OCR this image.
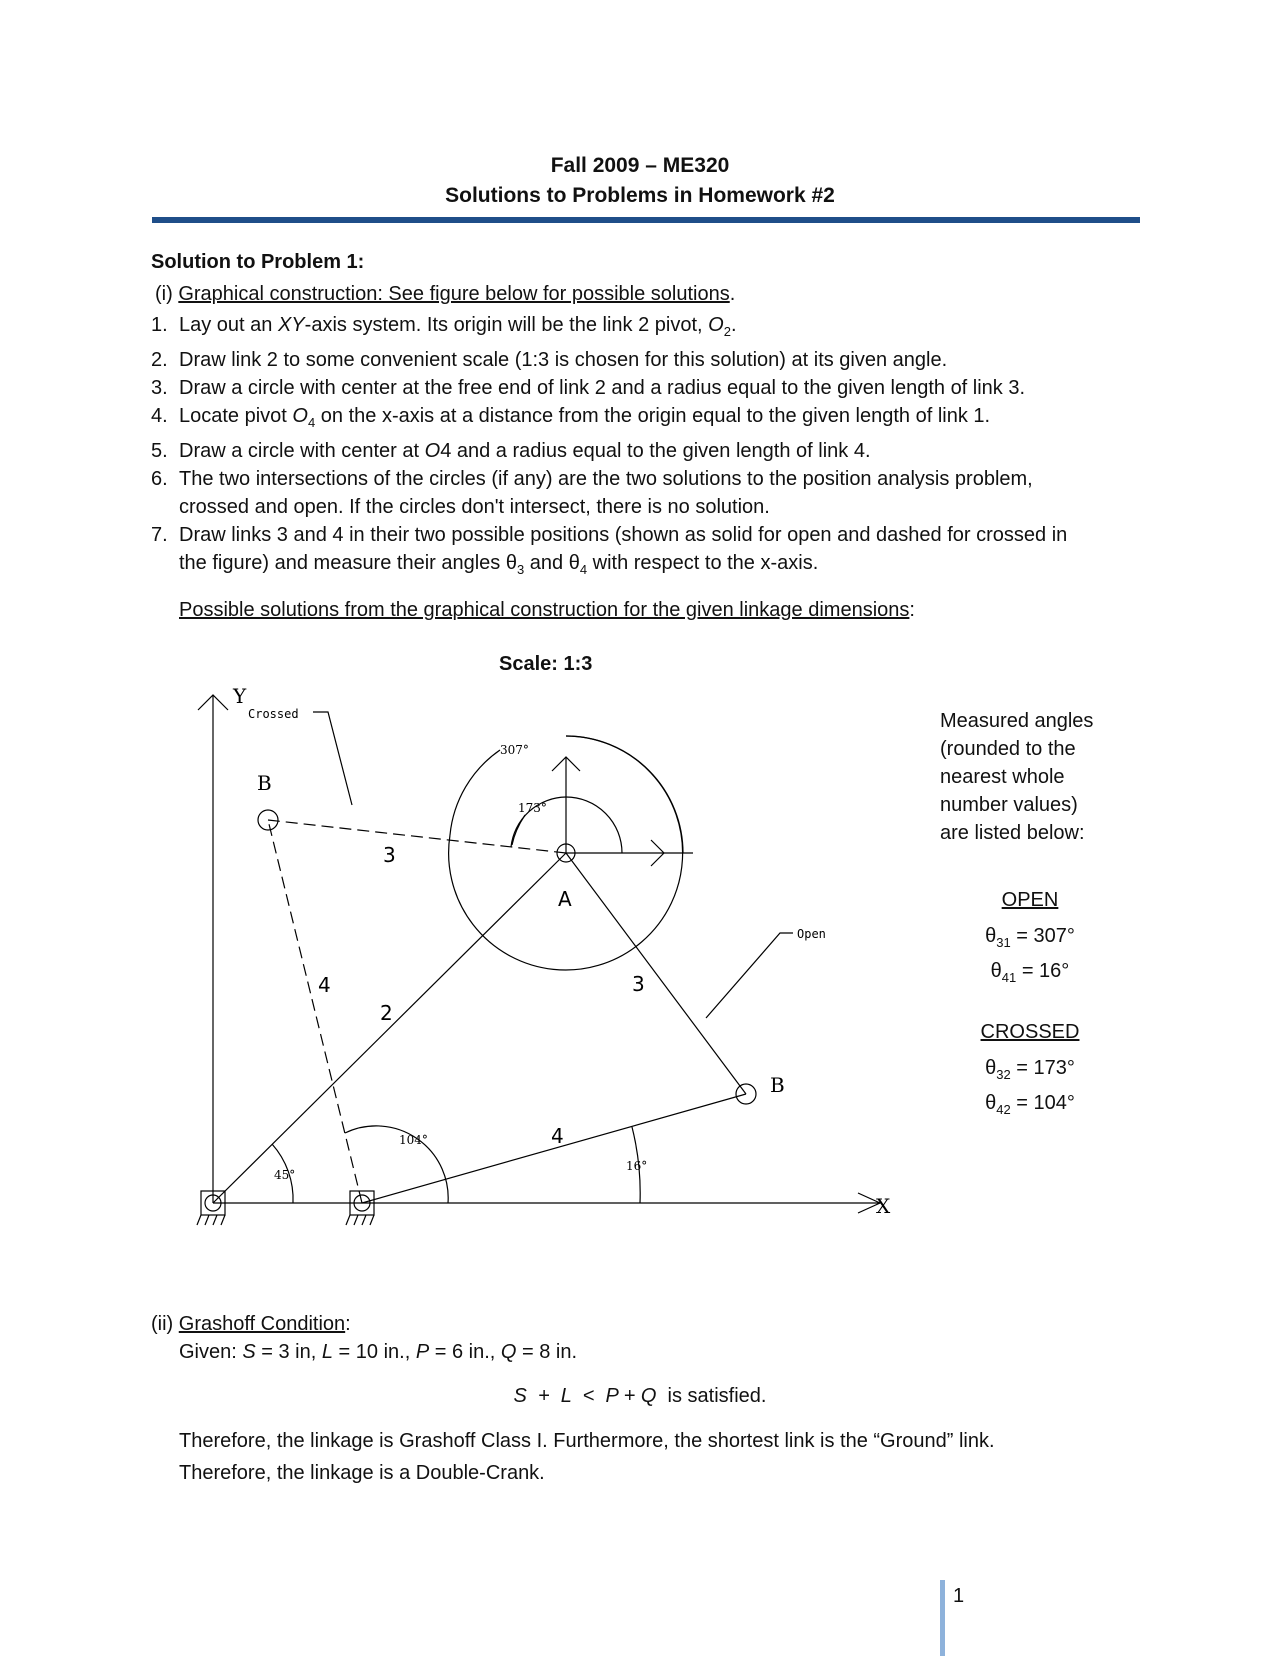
Fall 2009 – ME320
Solutions to Problems in Homework #2
Solution to Problem 1:
(i) Graphical construction: See figure below for possible solutions.
1. Lay out an XY-axis system. Its origin will be the link 2 pivot, $O_2$.
2. Draw link 2 to some convenient scale (1:3 is chosen for this solution) at its given angle.
3. Draw a circle with center at the free end of link 2 and a radius equal to the given length of link 3.
4. Locate pivot $O_4$ on the x-axis at a distance from the origin equal to the given length of link 1.
5. Draw a circle with center at O4 and a radius equal to the given length of link 4.
6. The two intersections of the circles (if any) are the two solutions to the position analysis problem,
crossed and open. If the circles don't intersect, there is no solution.
7. Draw links 3 and 4 in their two possible positions (shown as solid for open and dashed for crossed in
the figure) and measure their angles $\theta_3$ and $\theta_4$ with respect to the x-axis.
Possible solutions from the graphical construction for the given linkage dimensions:
Scale: 1:3
Y
X
B
B
A
3
3
4
4
2
Crossed
Open
307°
173°
45°
104°
16°
Measured angles
(rounded to the
nearest whole
number values)
are listed below:
OPEN
$\theta_{31} = 307^\circ$
$\theta_{41} = 16^\circ$
CROSSED
$\theta_{32} = 173^\circ$
$\theta_{42} = 104^\circ$
(ii) Grashoff Condition:
Given: S = 3 in, L = 10 in., P = 6 in., Q = 8 in.
S  +  L  <  P + Q  is satisfied.
Therefore, the linkage is Grashoff Class I. Furthermore, the shortest link is the “Ground” link.
Therefore, the linkage is a Double-Crank.
1
